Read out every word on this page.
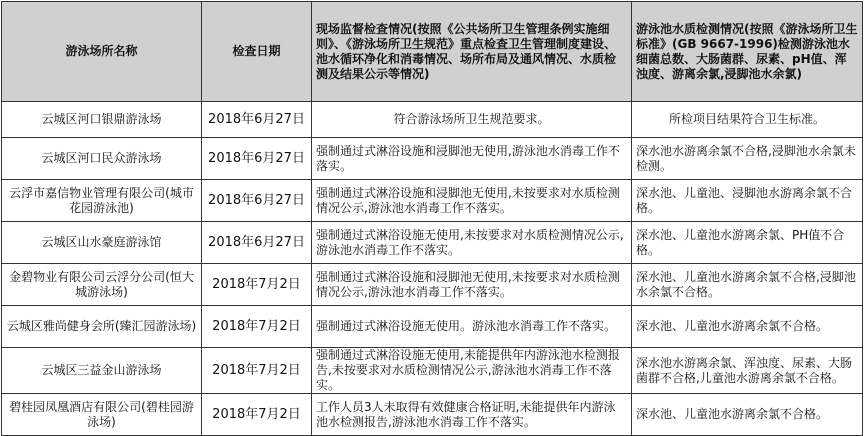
游泳场所名称	检查日期	现场监督检查情况(按照《公共场所卫生管理条例实施细则》、《游泳场所卫生规范》重点检查卫生管理制度建设、池水循环净化和消毒情况、场所布局及通风情况、水质检测及结果公示等情况)	游泳池水质检测情况(按照《游泳场所卫生标准》(GB 9667-1996)检测游泳池水细菌总数、大肠菌群、尿素、pH值、浑浊度、游离余氯,浸脚池水余氯)
云城区河口银鼎游泳场	2018年6月27日	符合游泳场所卫生规范要求。	所检项目结果符合卫生标准。
云城区河口民众游泳场	2018年6月27日	强制通过式淋浴设施和浸脚池无使用,游泳池水消毒工作不落实。	深水池水游离余氯不合格,浸脚池水余氯未检测。
云浮市嘉信物业管理有限公司(城市花园游泳池)	2018年6月27日	强制通过式淋浴设施和浸脚池无使用,未按要求对水质检测情况公示,游泳池水消毒工作不落实。	深水池、儿童池、浸脚池水游离余氯不合格。
云城区山水豪庭游泳馆	2018年6月27日	强制通过式淋浴设施无使用,未按要求对水质检测情况公示,游泳池水消毒工作不落实。	深水池、儿童池水游离余氯、PH值不合格。
金碧物业有限公司云浮分公司(恒大城游泳场)	2018年7月2日	强制通过式淋浴设施和浸脚池无使用,未按要求对水质检测情况公示,游泳池水消毒工作不落实。	深水池、儿童池水游离余氯不合格,浸脚池水余氯不合格。
云城区雅尚健身会所(臻汇园游泳场)	2018年7月2日	强制通过式淋浴设施无使用。游泳池水消毒工作不落实。	深水池、儿童池水游离余氯不合格。
云城区三益金山游泳场	2018年7月2日	强制通过式淋浴设施无使用,未能提供年内游泳池水检测报告,未按要求对水质检测情况公示,游泳池水消毒工作不落实。	深水池水游离余氯、浑浊度、尿素、大肠菌群不合格,儿童池水游离余氯不合格。
碧桂园凤凰酒店有限公司(碧桂园游泳场)	2018年7月2日	工作人员3人未取得有效健康合格证明,未能提供年内游泳池水检测报告,游泳池水消毒工作不落实。	深水池、儿童池水游离余氯不合格。
